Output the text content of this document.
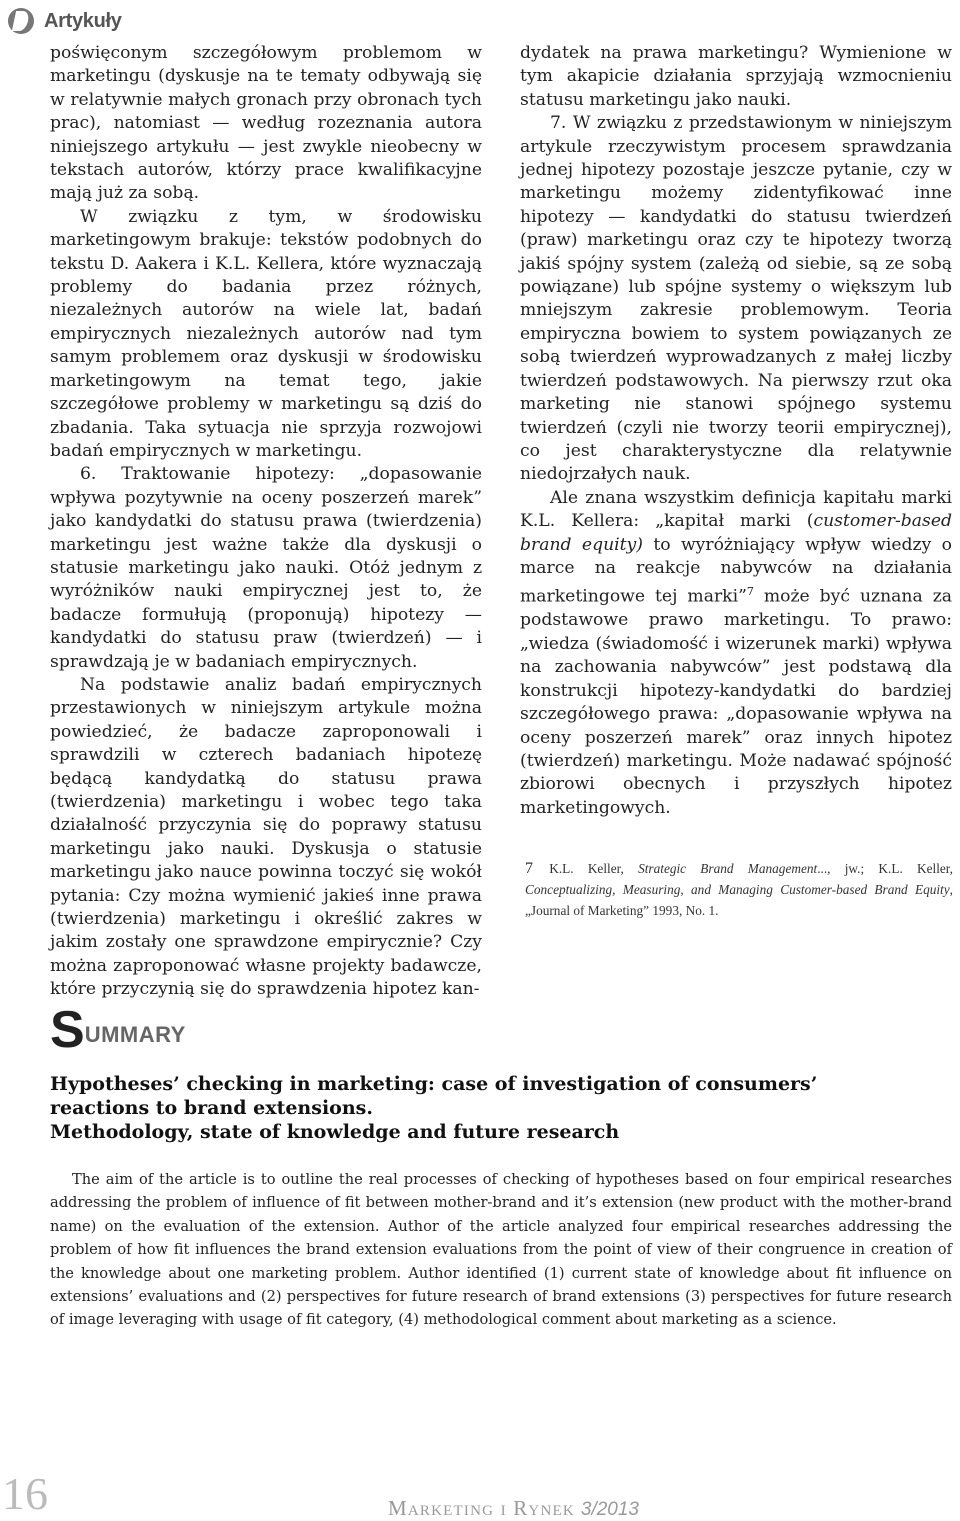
Artykuły

poświęconym szczegółowym problemom w marketingu (dyskusje na te tematy odbywają się w relatywnie małych gronach przy obronach tych prac), natomiast — według rozeznania autora niniejszego artykułu — jest zwykle nieobecny w tekstach autorów, którzy prace kwalifikacyjne mają już za sobą.

W związku z tym, w środowisku marketingowym brakuje: tekstów podobnych do tekstu D. Aakera i K.L. Kellera, które wyznaczają problemy do badania przez różnych, niezależnych autorów na wiele lat, badań empirycznych niezależnych autorów nad tym samym problemem oraz dyskusji w środowisku marketingowym na temat tego, jakie szczegółowe problemy w marketingu są dziś do zbadania. Taka sytuacja nie sprzyja rozwojowi badań empirycznych w marketingu.

6. Traktowanie hipotezy: „dopasowanie wpływa pozytywnie na oceny poszerzeń marek” jako kandydatki do statusu prawa (twierdzenia) marketingu jest ważne także dla dyskusji o statusie marketingu jako nauki. Otóż jednym z wyróżników nauki empirycznej jest to, że badacze formułują (proponują) hipotezy — kandydatki do statusu praw (twierdzeń) — i sprawdzają je w badaniach empirycznych.

Na podstawie analiz badań empirycznych przestawionych w niniejszym artykule można powiedzieć, że badacze zaproponowali i sprawdzili w czterech badaniach hipotezę będącą kandydatką do statusu prawa (twierdzenia) marketingu i wobec tego taka działalność przyczynia się do poprawy statusu marketingu jako nauki. Dyskusja o statusie marketingu jako nauce powinna toczyć się wokół pytania: Czy można wymienić jakieś inne prawa (twierdzenia) marketingu i określić zakres w jakim zostały one sprawdzone empirycznie? Czy można zaproponować własne projekty badawcze, które przyczynią się do sprawdzenia hipotez kan-

dydatek na prawa marketingu? Wymienione w tym akapicie działania sprzyjają wzmocnieniu statusu marketingu jako nauki.

7. W związku z przedstawionym w niniejszym artykule rzeczywistym procesem sprawdzania jednej hipotezy pozostaje jeszcze pytanie, czy w marketingu możemy zidentyfikować inne hipotezy — kandydatki do statusu twierdzeń (praw) marketingu oraz czy te hipotezy tworzą jakiś spójny system (zależą od siebie, są ze sobą powiązane) lub spójne systemy o większym lub mniejszym zakresie problemowym. Teoria empiryczna bowiem to system powiązanych ze sobą twierdzeń wyprowadzanych z małej liczby twierdzeń podstawowych. Na pierwszy rzut oka marketing nie stanowi spójnego systemu twierdzeń (czyli nie tworzy teorii empirycznej), co jest charakterystyczne dla relatywnie niedojrzałych nauk.

Ale znana wszystkim definicja kapitału marki K.L. Kellera: „kapitał marki (customer-based brand equity) to wyróżniający wpływ wiedzy o marce na reakcje nabywców na działania marketingowe tej marki”$^7$ może być uznana za podstawowe prawo marketingu. To prawo: „wiedza (świadomość i wizerunek marki) wpływa na zachowania nabywców” jest podstawą dla konstrukcji hipotezy-kandydatki do bardziej szczegółowego prawa: „dopasowanie wpływa na oceny poszerzeń marek” oraz innych hipotez (twierdzeń) marketingu. Może nadawać spójność zbiorowi obecnych i przyszłych hipotez marketingowych.

7 K.L. Keller, Strategic Brand Management..., jw.; K.L. Keller, Conceptualizing, Measuring, and Managing Customer-based Brand Equity, „Journal of Marketing” 1993, No. 1.
S UMMARY
Hypotheses’ checking in marketing: case of investigation of consumers’
reactions to brand extensions.
Methodology, state of knowledge and future research
The aim of the article is to outline the real processes of checking of hypotheses based on four empirical researches addressing the problem of influence of fit between mother-brand and it’s extension (new product with the mother-brand name) on the evaluation of the extension. Author of the article analyzed four empirical researches addressing the problem of how fit influences the brand extension evaluations from the point of view of their congruence in creation of the knowledge about one marketing problem. Author identified (1) current state of knowledge about fit influence on extensions’ evaluations and (2) perspectives for future research of brand extensions (3) perspectives for future research of image leveraging with usage of fit category, (4) methodological comment about marketing as a science.
16	Marketing i Rynek 3/2013
